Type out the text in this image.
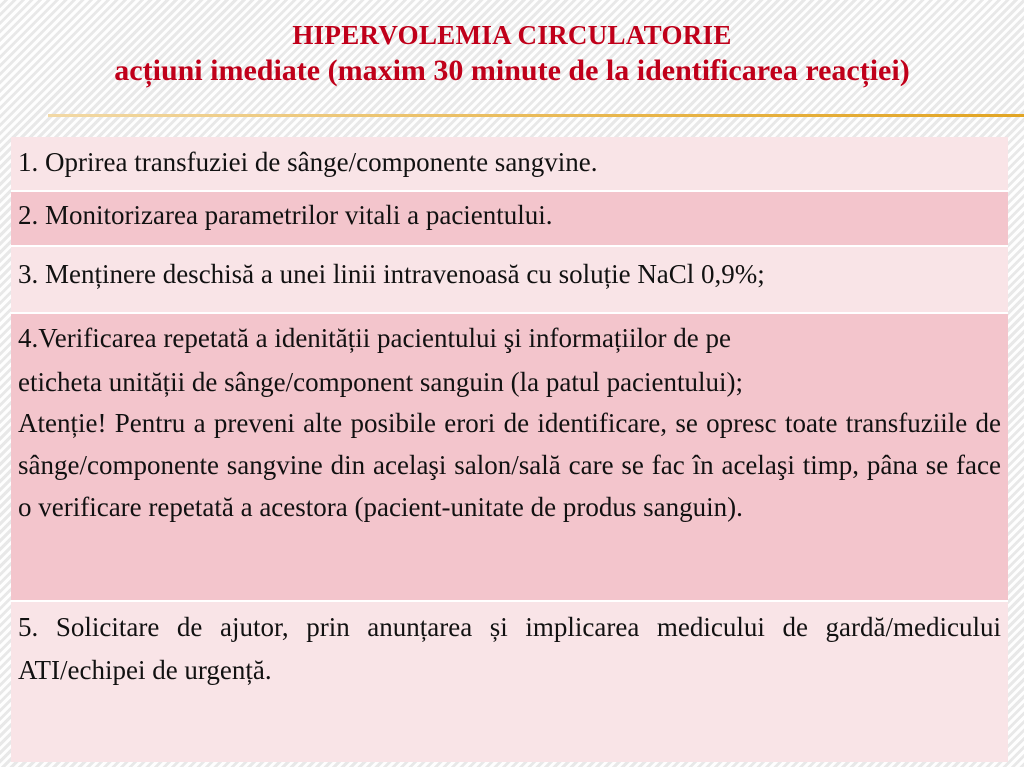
HIPERVOLEMIA CIRCULATORIE
acțiuni imediate (maxim 30 minute de la identificarea reacției)
1. Oprirea transfuziei de sânge/componente sangvine.
2. Monitorizarea parametrilor vitali a pacientului.
3. Menținere deschisă a unei linii intravenoasă cu soluție NaCl 0,9%;
4.Verificarea repetată a idenității pacientului şi informațiilor de pe
eticheta unității de sânge/component sanguin (la patul pacientului);
Atenție! Pentru a preveni alte posibile erori de identificare, se opresc toate transfuziile de sânge/componente sangvine din acelaşi salon/sală care se fac în acelaşi timp, pâna se face o verificare repetată a acestora (pacient-unitate de produs sanguin).
5. Solicitare de ajutor, prin anunțarea și implicarea medicului de gardă/medicului ATI/echipei de urgență.
